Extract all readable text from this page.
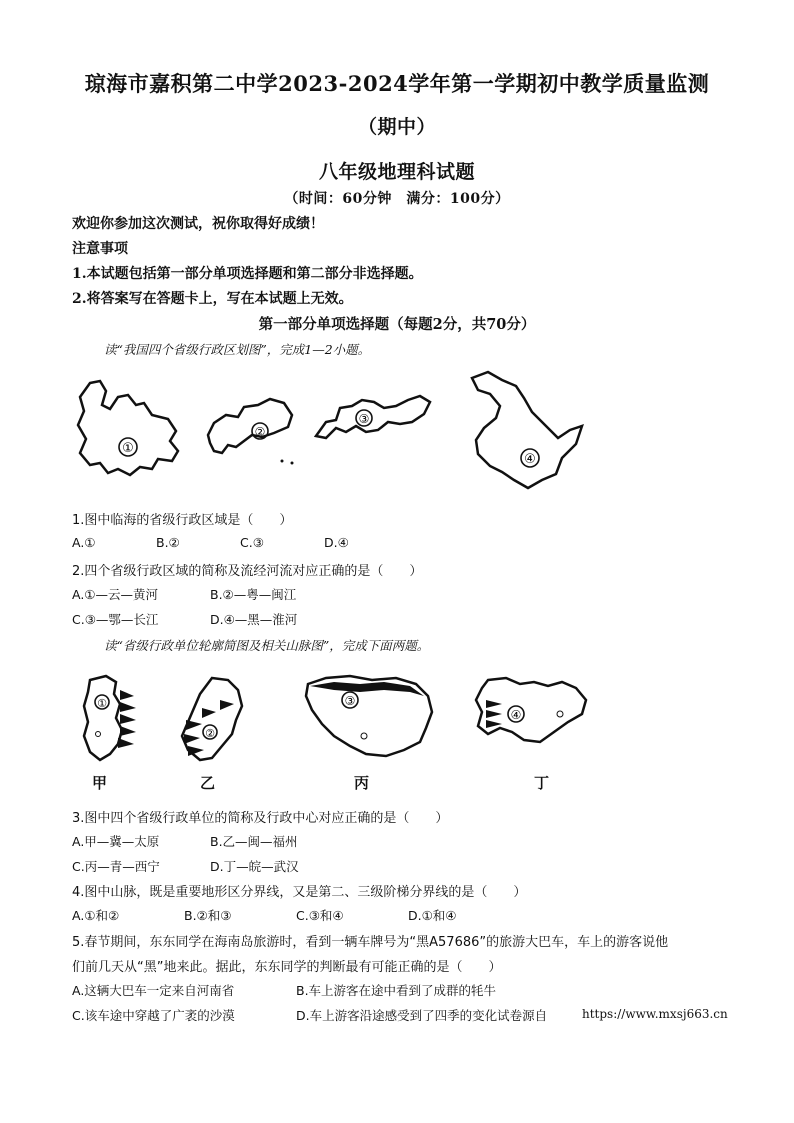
琼海市嘉积第二中学2023-2024学年第一学期初中教学质量监测
（期中）
八年级地理科试题
（时间：60分钟　满分：100分）
欢迎你参加这次测试，祝你取得好成绩！
注意事项
1.本试题包括第一部分单项选择题和第二部分非选择题。
2.将答案写在答题卡上，写在本试题上无效。
第一部分单项选择题（每题2分，共70分）
读“我国四个省级行政区划图”，完成1—2小题。
①
②
③
④
1.图中临海的省级行政区域是（　　）
A.①	B.②	C.③	D.④
2.四个省级行政区域的简称及流经河流对应正确的是（　　）
A.①—云—黄河	B.②—粤—闽江
C.③—鄂—长江	D.④—黑—淮河
读“省级行政单位轮廓简图及相关山脉图”，完成下面两题。
①
甲
②
乙
③
丙
④
丁
3.图中四个省级行政单位的简称及行政中心对应正确的是（　　）
A.甲—冀—太原	B.乙—闽—福州
C.丙—青—西宁	D.丁—皖—武汉
4.图中山脉，既是重要地形区分界线，又是第二、三级阶梯分界线的是（　　）
A.①和②	B.②和③	C.③和④	D.①和④
5.春节期间，东东同学在海南岛旅游时，看到一辆车牌号为“黑A57686”的旅游大巴车，车上的游客说他
们前几天从“黑”地来此。据此，东东同学的判断最有可能正确的是（　　）
A.这辆大巴车一定来自河南省	B.车上游客在途中看到了成群的牦牛
C.该车途中穿越了广袤的沙漠	D.车上游客沿途感受到了四季的变化试卷源自	https://www.mxsj663.cn
